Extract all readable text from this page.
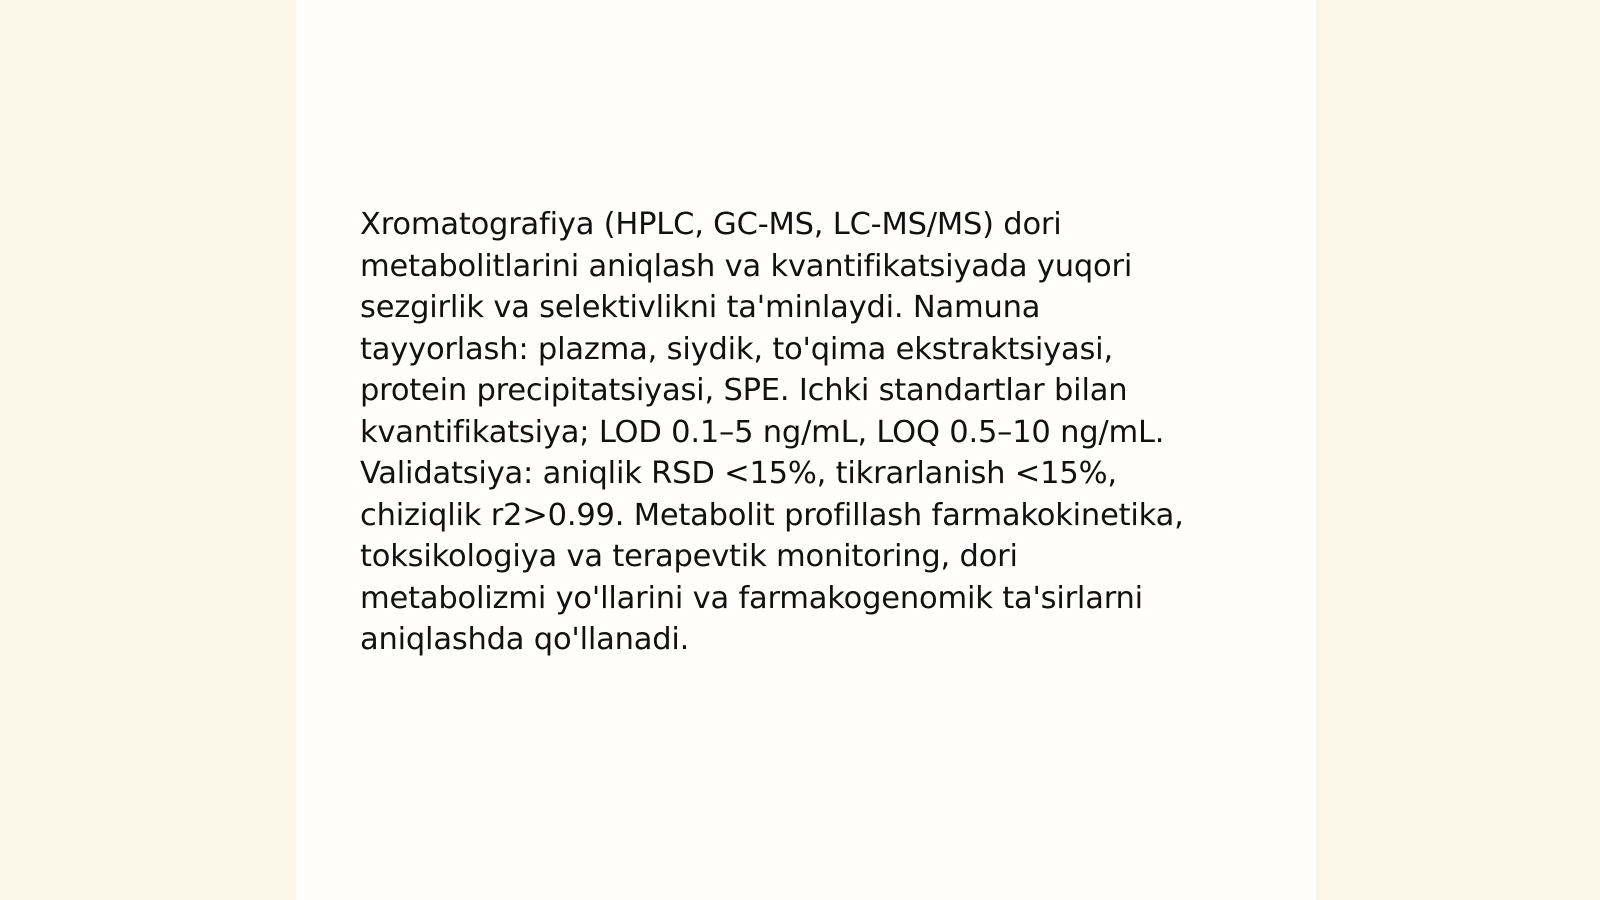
Xromatografiya (HPLC, GC-MS, LC-MS/MS) dori
metabolitlarini aniqlash va kvantifikatsiyada yuqori
sezgirlik va selektivlikni ta'minlaydi. Namuna
tayyorlash: plazma, siydik, to'qima ekstraktsiyasi,
protein precipitatsiyasi, SPE. Ichki standartlar bilan
kvantifikatsiya; LOD 0.1–5 ng/mL, LOQ 0.5–10 ng/mL.
Validatsiya: aniqlik RSD <15%, tikrarlanish <15%,
chiziqlik r2>0.99. Metabolit profillash farmakokinetika,
toksikologiya va terapevtik monitoring, dori
metabolizmi yo'llarini va farmakogenomik ta'sirlarni
aniqlashda qo'llanadi.
